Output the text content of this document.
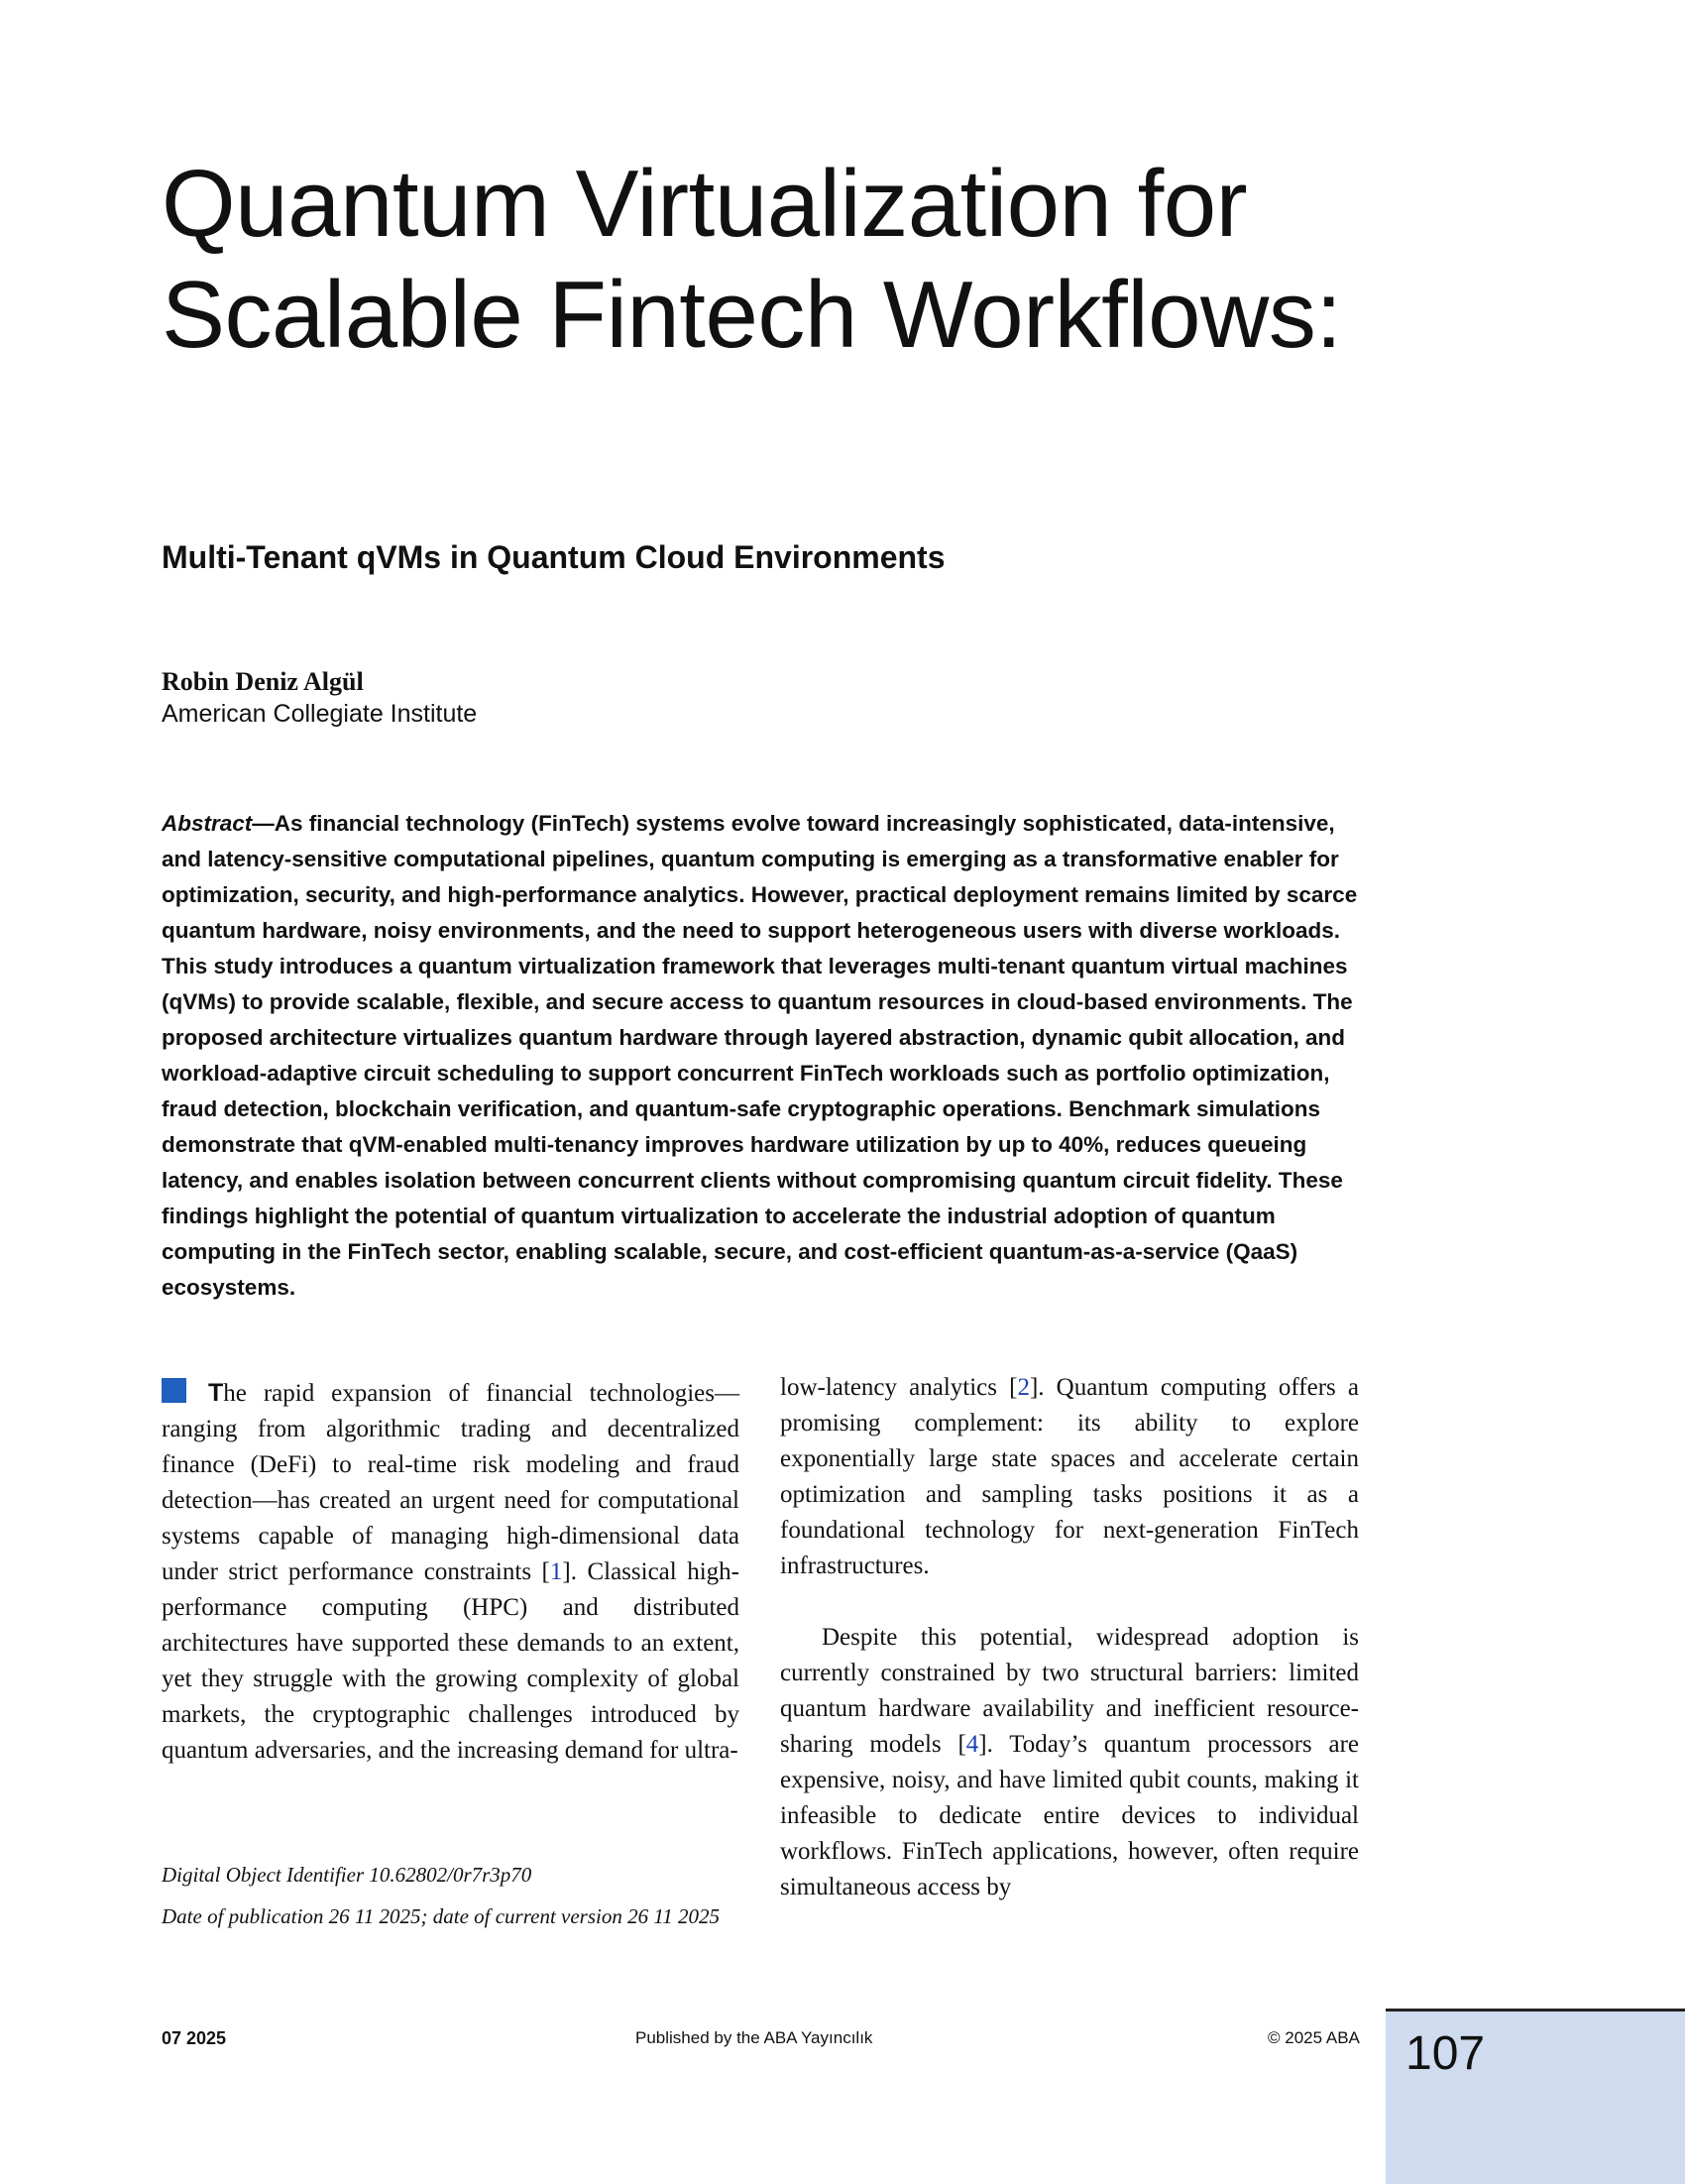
Quantum Virtualization for Scalable Fintech Workflows:
Multi-Tenant qVMs in Quantum Cloud Environments
Robin Deniz Algül
American Collegiate Institute

Abstract—As financial technology (FinTech) systems evolve toward increasingly sophisticated, data-intensive, and latency-sensitive computational pipelines, quantum computing is emerging as a transformative enabler for optimization, security, and high-performance analytics. However, practical deployment remains limited by scarce quantum hardware, noisy environments, and the need to support heterogeneous users with diverse workloads. This study introduces a quantum virtualization framework that leverages multi-tenant quantum virtual machines (qVMs) to provide scalable, flexible, and secure access to quantum resources in cloud-based environments. The proposed architecture virtualizes quantum hardware through layered abstraction, dynamic qubit allocation, and workload-adaptive circuit scheduling to support concurrent FinTech workloads such as portfolio optimization, fraud detection, blockchain verification, and quantum-safe cryptographic operations. Benchmark simulations demonstrate that qVM-enabled multi-tenancy improves hardware utilization by up to 40%, reduces queueing latency, and enables isolation between concurrent clients without compromising quantum circuit fidelity. These findings highlight the potential of quantum virtualization to accelerate the industrial adoption of quantum computing in the FinTech sector, enabling scalable, secure, and cost-efficient quantum-as-a-service (QaaS) ecosystems.

The rapid expansion of financial technologies—ranging from algorithmic trading and decentralized finance (DeFi) to real-time risk modeling and fraud detection—has created an urgent need for computational systems capable of managing high-dimensional data under strict performance constraints [1]. Classical high-performance computing (HPC) and distributed architectures have supported these demands to an extent, yet they struggle with the growing complexity of global markets, the cryptographic challenges introduced by quantum adversaries, and the increasing demand for ultra-

Digital Object Identifier 10.62802/0r7r3p70
Date of publication 26 11 2025; date of current version 26 11 2025

low-latency analytics [2]. Quantum computing offers a promising complement: its ability to explore exponentially large state spaces and accelerate certain optimization and sampling tasks positions it as a foundational technology for next-generation FinTech infrastructures.

Despite this potential, widespread adoption is currently constrained by two structural barriers: limited quantum hardware availability and inefficient resource-sharing models [4]. Today’s quantum processors are expensive, noisy, and have limited qubit counts, making it infeasible to dedicate entire devices to individual workflows. FinTech applications, however, often require simultaneous access by

07 2025	Published by the ABA Yayıncılık	© 2025 ABA 107
